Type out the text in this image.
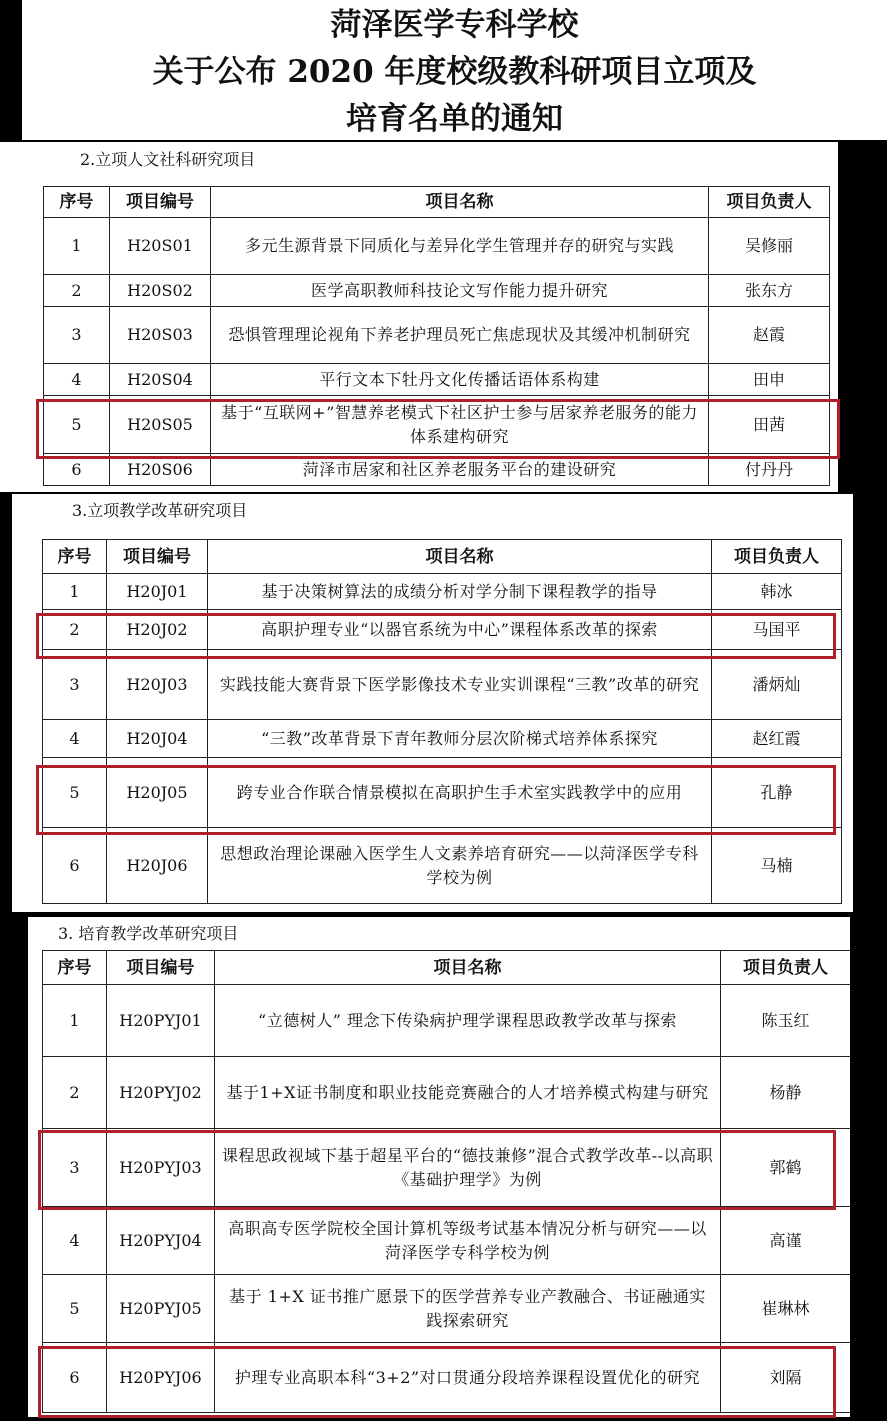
菏泽医学专科学校

关于公布 2020 年度校级教科研项目立项及

培育名单的通知

2.立项人文社科研究项目
序号	项目编号	项目名称	项目负责人
1	H20S01	多元生源背景下同质化与差异化学生管理并存的研究与实践	吴修丽
2	H20S02	医学高职教师科技论文写作能力提升研究	张东方
3	H20S03	恐惧管理理论视角下养老护理员死亡焦虑现状及其缓冲机制研究	赵霞
4	H20S04	平行文本下牡丹文化传播话语体系构建	田申
5	H20S05	基于“互联网+”智慧养老模式下社区护士参与居家养老服务的能力体系建构研究	田茜
6	H20S06	菏泽市居家和社区养老服务平台的建设研究	付丹丹
3.立项教学改革研究项目
序号	项目编号	项目名称	项目负责人
1	H20J01	基于决策树算法的成绩分析对学分制下课程教学的指导	韩冰
2	H20J02	高职护理专业“以器官系统为中心”课程体系改革的探索	马国平
3	H20J03	实践技能大赛背景下医学影像技术专业实训课程“三教”改革的研究	潘炳灿
4	H20J04	“三教”改革背景下青年教师分层次阶梯式培养体系探究	赵红霞
5	H20J05	跨专业合作联合情景模拟在高职护生手术室实践教学中的应用	孔静
6	H20J06	思想政治理论课融入医学生人文素养培育研究——以菏泽医学专科学校为例	马楠
3. 培育教学改革研究项目
序号	项目编号	项目名称	项目负责人
1	H20PYJ01	“立德树人” 理念下传染病护理学课程思政教学改革与探索	陈玉红
2	H20PYJ02	基于1+X证书制度和职业技能竞赛融合的人才培养模式构建与研究	杨静
3	H20PYJ03	课程思政视域下基于超星平台的“德技兼修”混合式教学改革--以高职《基础护理学》为例	郭鹤
4	H20PYJ04	高职高专医学院校全国计算机等级考试基本情况分析与研究——以菏泽医学专科学校为例	高谨
5	H20PYJ05	基于 1+X 证书推广愿景下的医学营养专业产教融合、书证融通实践探索研究	崔琳林
6	H20PYJ06	护理专业高职本科“3+2”对口贯通分段培养课程设置优化的研究	刘隔
